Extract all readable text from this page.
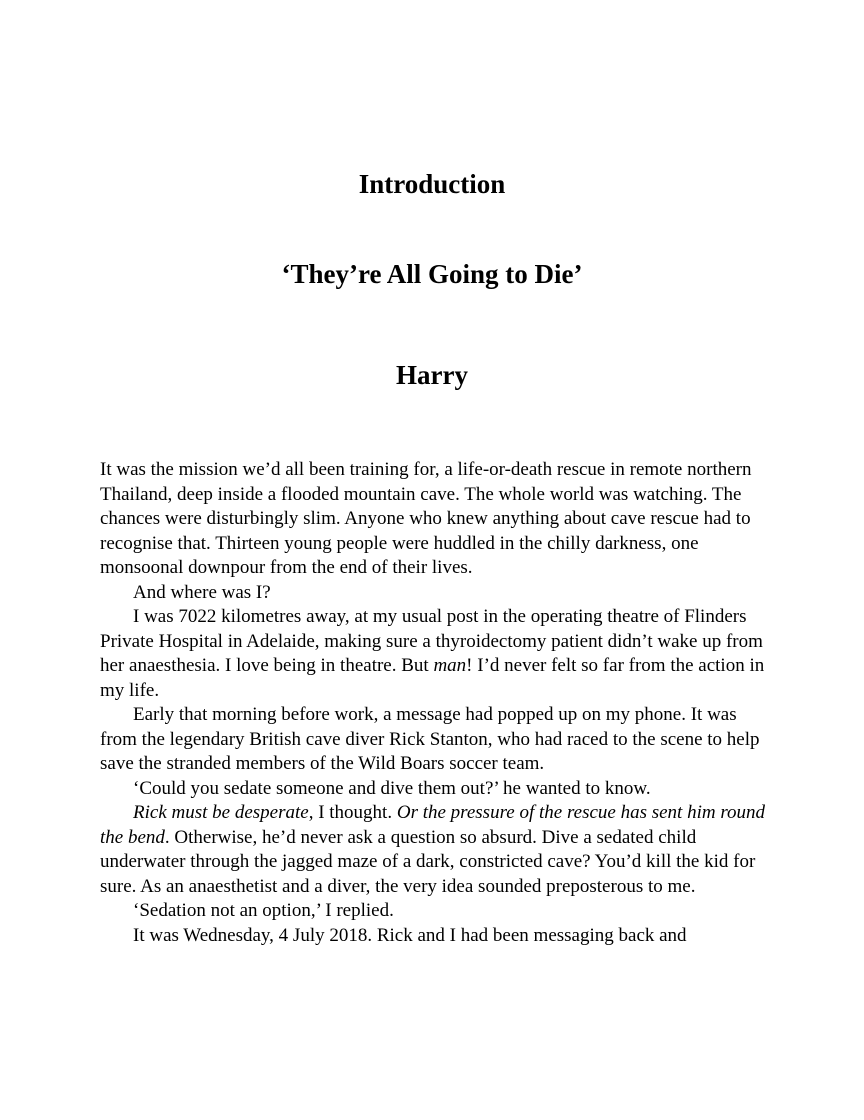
Introduction
‘They’re All Going to Die’
Harry

It was the mission we’d all been training for, a life-or-death rescue in remote northern Thailand, deep inside a flooded mountain cave. The whole world was watching. The chances were disturbingly slim. Anyone who knew anything about cave rescue had to recognise that. Thirteen young people were huddled in the chilly darkness, one monsoonal downpour from the end of their lives.

And where was I?

I was 7022 kilometres away, at my usual post in the operating theatre of Flinders Private Hospital in Adelaide, making sure a thyroidectomy patient didn’t wake up from her anaesthesia. I love being in theatre. But man! I’d never felt so far from the action in my life.

Early that morning before work, a message had popped up on my phone. It was from the legendary British cave diver Rick Stanton, who had raced to the scene to help save the stranded members of the Wild Boars soccer team.

‘Could you sedate someone and dive them out?’ he wanted to know.

Rick must be desperate, I thought. Or the pressure of the rescue has sent him round the bend. Otherwise, he’d never ask a question so absurd. Dive a sedated child underwater through the jagged maze of a dark, constricted cave? You’d kill the kid for sure. As an anaesthetist and a diver, the very idea sounded preposterous to me.

‘Sedation not an option,’ I replied.

It was Wednesday, 4 July 2018. Rick and I had been messaging back and
